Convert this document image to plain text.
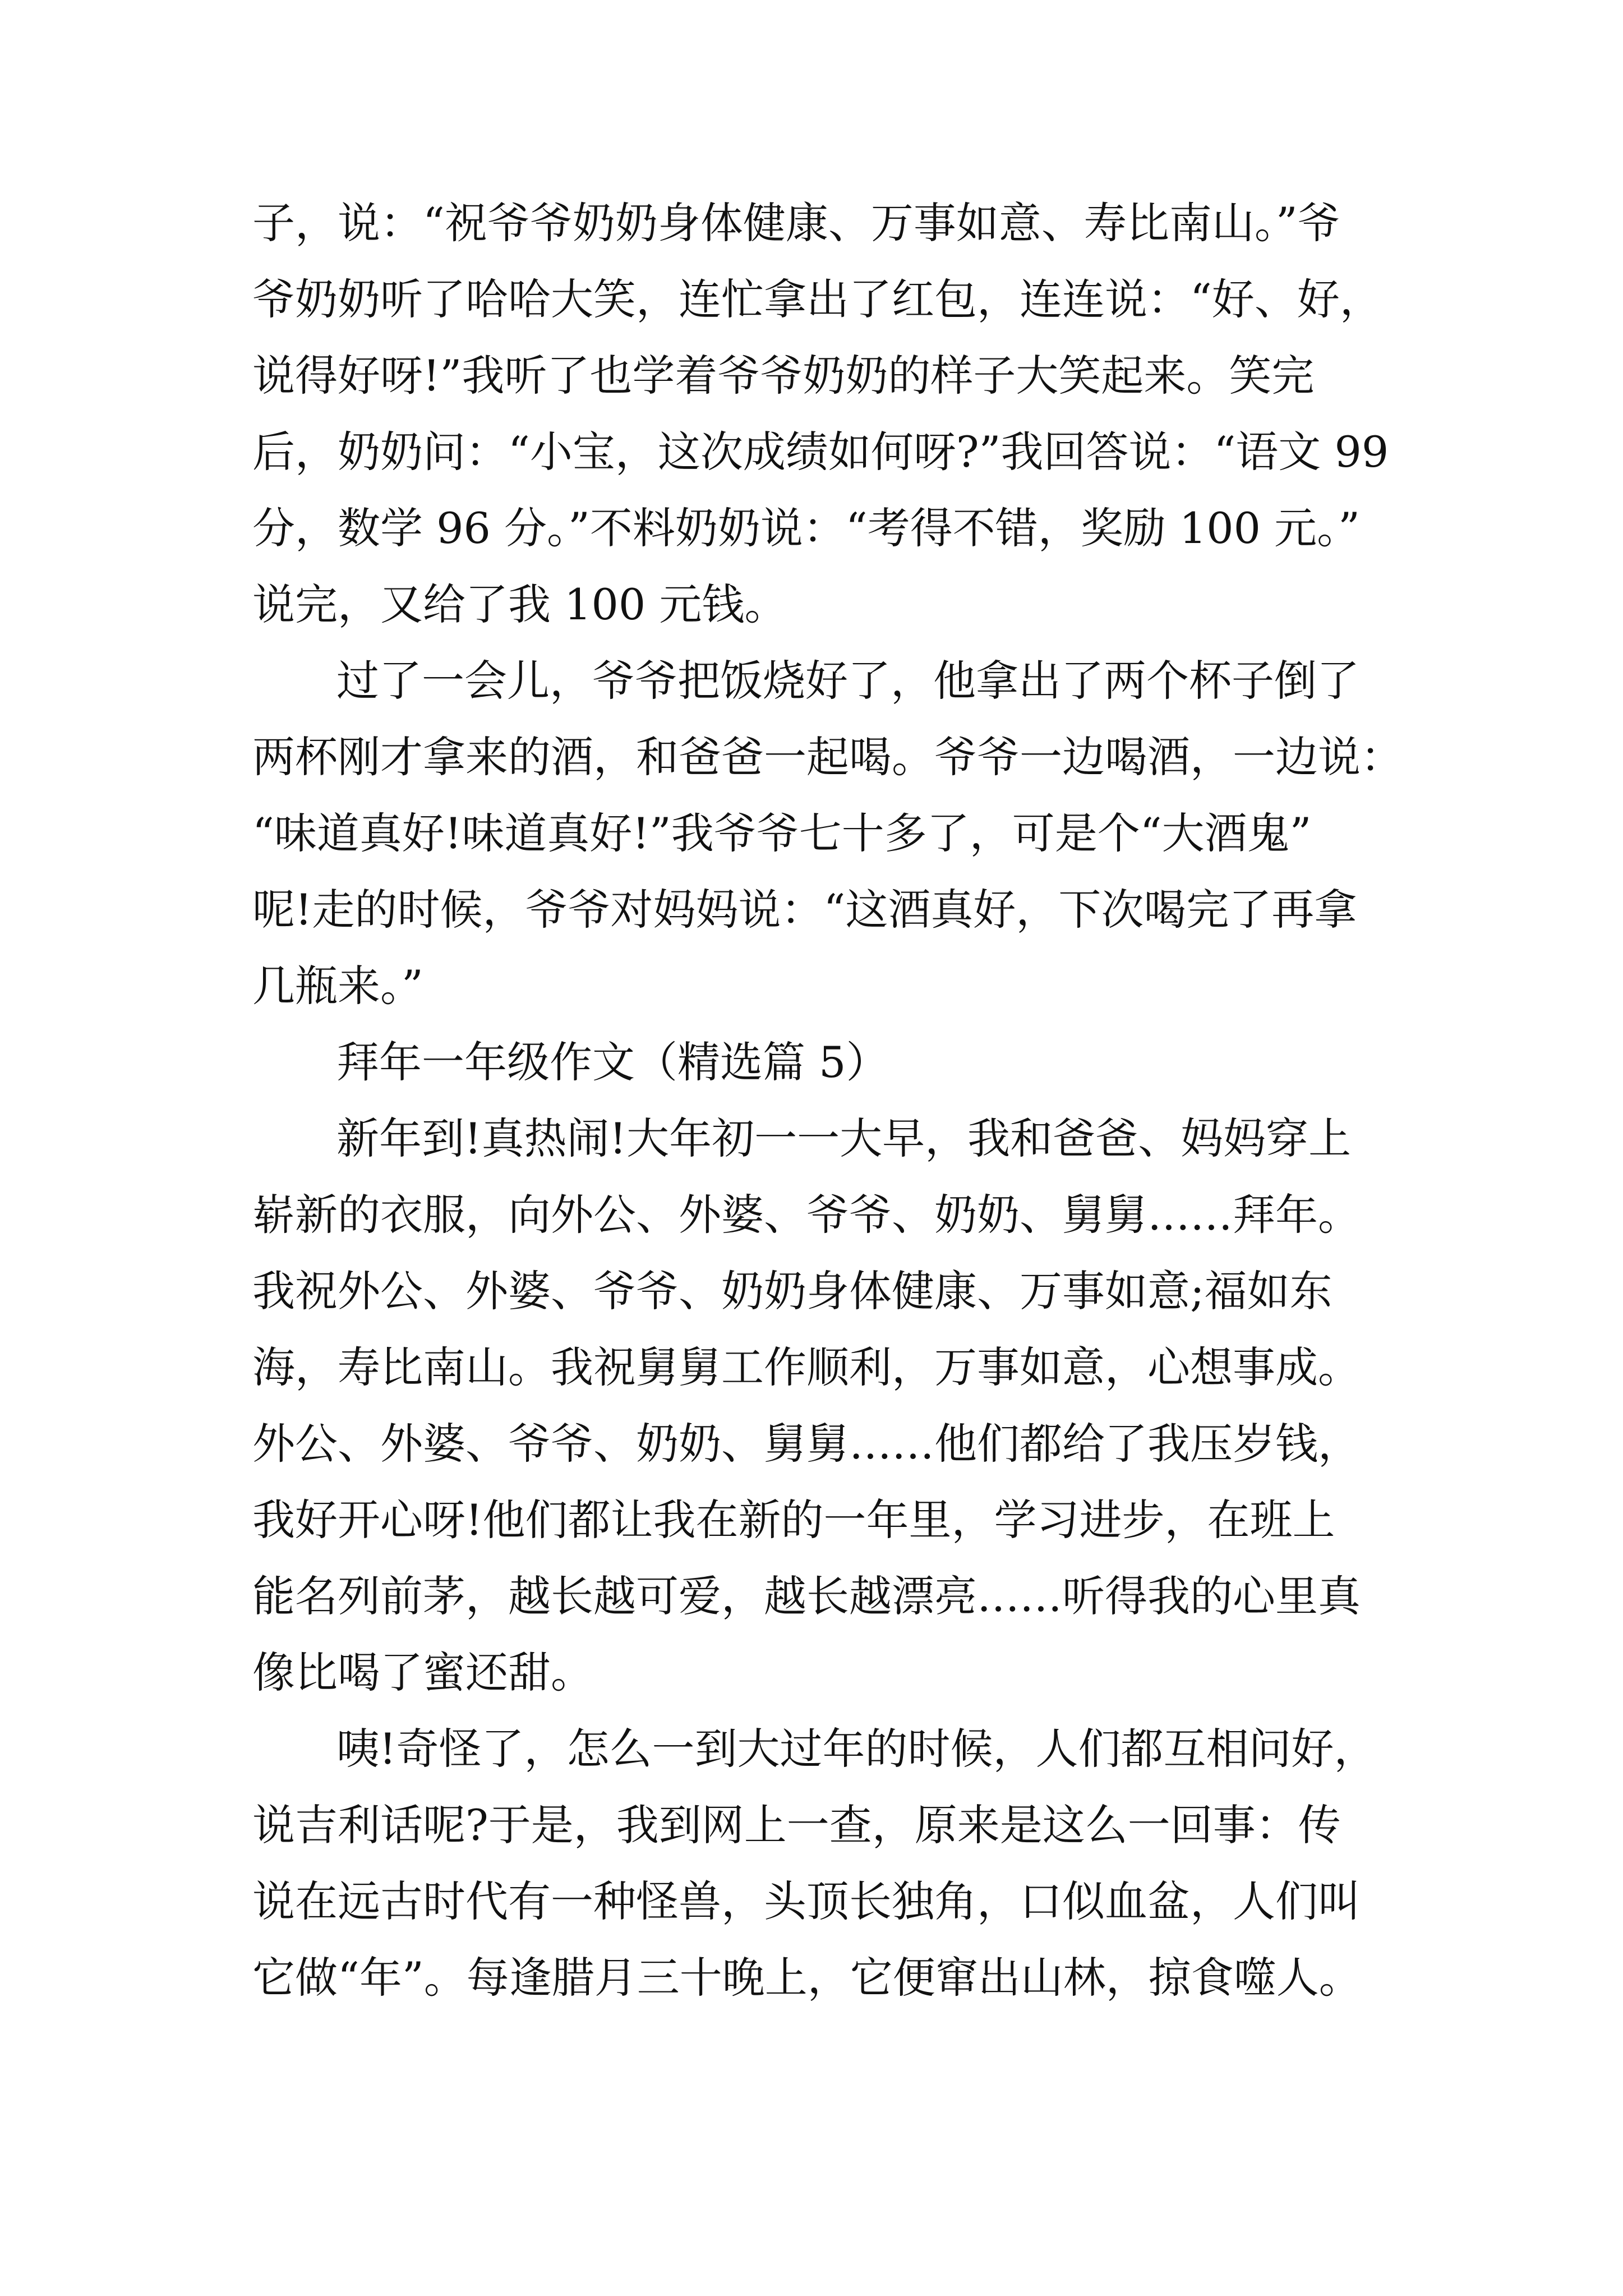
子，说：“祝爷爷奶奶身体健康、万事如意、寿比南山。”爷
爷奶奶听了哈哈大笑，连忙拿出了红包，连连说：“好、好，
说得好呀!”我听了也学着爷爷奶奶的样子大笑起来。笑完
后，奶奶问：“小宝，这次成绩如何呀?”我回答说：“语文 99
分，数学 96 分。”不料奶奶说：“考得不错，奖励 100 元。”
说完，又给了我 100 元钱。
过了一会儿，爷爷把饭烧好了，他拿出了两个杯子倒了
两杯刚才拿来的酒，和爸爸一起喝。爷爷一边喝酒，一边说：
“味道真好!味道真好!”我爷爷七十多了，可是个“大酒鬼”
呢!走的时候，爷爷对妈妈说：“这酒真好，下次喝完了再拿
几瓶来。”
拜年一年级作文（精选篇 5）
新年到!真热闹!大年初一一大早，我和爸爸、妈妈穿上
崭新的衣服，向外公、外婆、爷爷、奶奶、舅舅……拜年。
我祝外公、外婆、爷爷、奶奶身体健康、万事如意;福如东
海，寿比南山。我祝舅舅工作顺利，万事如意，心想事成。
外公、外婆、爷爷、奶奶、舅舅……他们都给了我压岁钱，
我好开心呀!他们都让我在新的一年里，学习进步，在班上
能名列前茅，越长越可爱，越长越漂亮……听得我的心里真
像比喝了蜜还甜。
咦!奇怪了，怎么一到大过年的时候，人们都互相问好，
说吉利话呢?于是，我到网上一查，原来是这么一回事：传
说在远古时代有一种怪兽，头顶长独角，口似血盆，人们叫
它做“年”。每逢腊月三十晚上，它便窜出山林，掠食噬人。
